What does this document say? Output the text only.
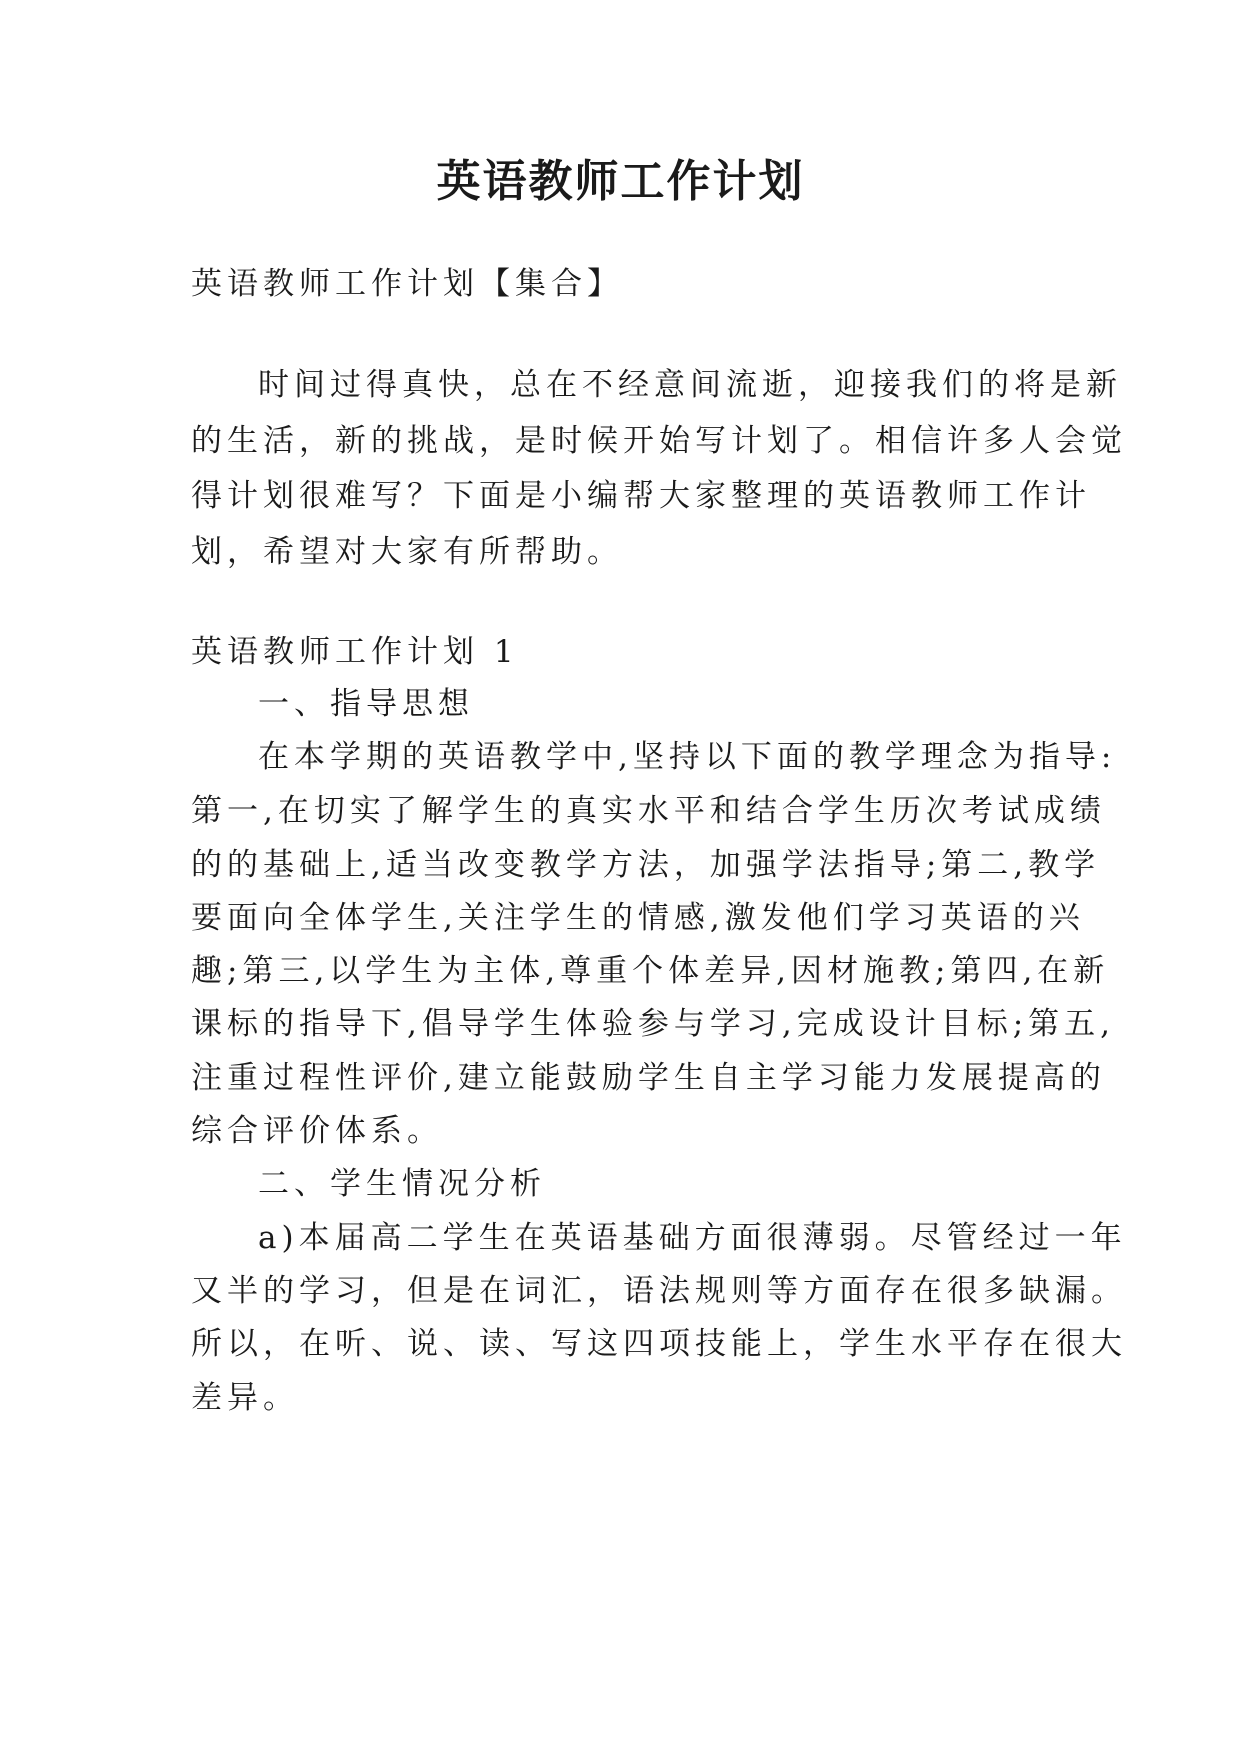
英语教师工作计划
英语教师工作计划【集合】
时间过得真快，总在不经意间流逝，迎接我们的将是新
的生活，新的挑战，是时候开始写计划了。相信许多人会觉
得计划很难写？下面是小编帮大家整理的英语教师工作计
划，希望对大家有所帮助。
英语教师工作计划 1
一、指导思想
在本学期的英语教学中,坚持以下面的教学理念为指导:
第一,在切实了解学生的真实水平和结合学生历次考试成绩
的的基础上,适当改变教学方法，加强学法指导;第二,教学
要面向全体学生,关注学生的情感,激发他们学习英语的兴
趣;第三,以学生为主体,尊重个体差异,因材施教;第四,在新
课标的指导下,倡导学生体验参与学习,完成设计目标;第五,
注重过程性评价,建立能鼓励学生自主学习能力发展提高的
综合评价体系。
二、学生情况分析
a)本届高二学生在英语基础方面很薄弱。尽管经过一年
又半的学习，但是在词汇，语法规则等方面存在很多缺漏。
所以，在听、说、读、写这四项技能上，学生水平存在很大
差异。
